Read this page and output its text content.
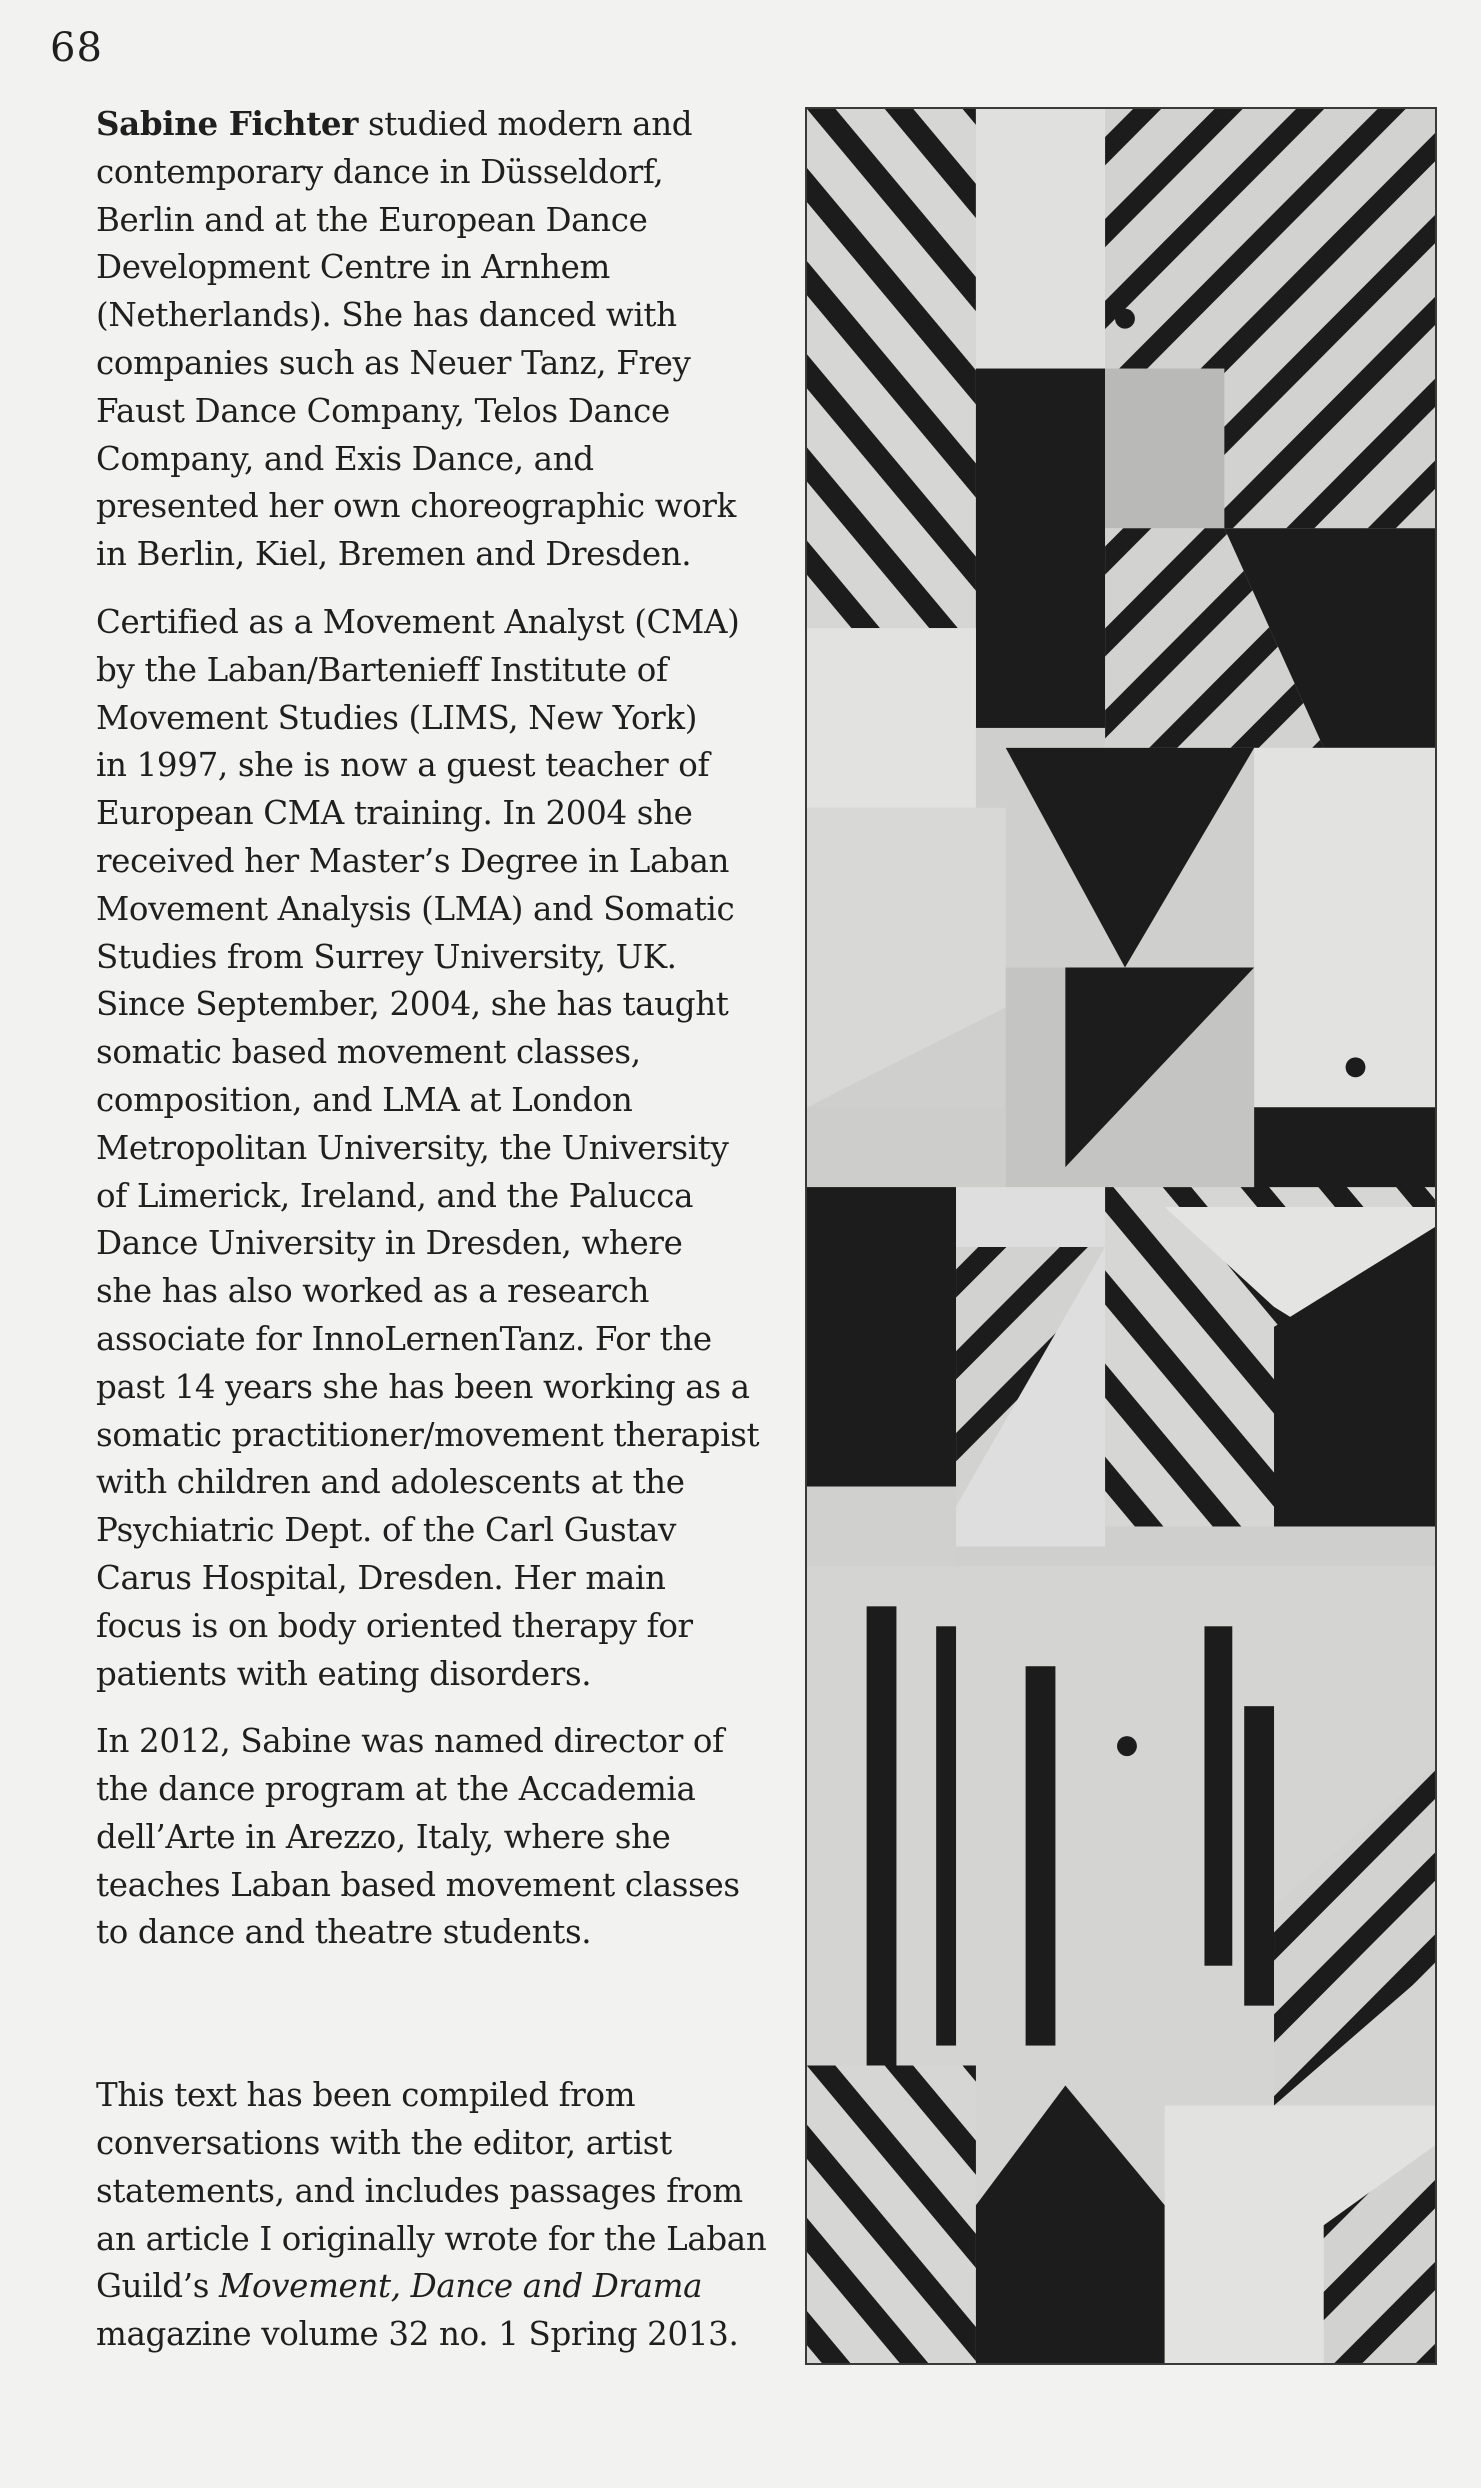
68
Sabine Fichter studied modern and
contemporary dance in Düsseldorf,
Berlin and at the European Dance
Development Centre in Arnhem
(Netherlands). She has danced with
companies such as Neuer Tanz, Frey
Faust Dance Company, Telos Dance
Company, and Exis Dance, and
presented her own choreographic work
in Berlin, Kiel, Bremen and Dresden.
Certified as a Movement Analyst (CMA)
by the Laban/Bartenieff Institute of
Movement Studies (LIMS, New York)
in 1997, she is now a guest teacher of
European CMA training. In 2004 she
received her Master’s Degree in Laban
Movement Analysis (LMA) and Somatic
Studies from Surrey University, UK.
Since September, 2004, she has taught
somatic based movement classes,
composition, and LMA at London
Metropolitan University, the University
of Limerick, Ireland, and the Palucca
Dance University in Dresden, where
she has also worked as a research
associate for InnoLernenTanz. For the
past 14 years she has been working as a
somatic practitioner/movement therapist
with children and adolescents at the
Psychiatric Dept. of the Carl Gustav
Carus Hospital, Dresden. Her main
focus is on body oriented therapy for
patients with eating disorders.
In 2012, Sabine was named director of
the dance program at the Accademia
dell’Arte in Arezzo, Italy, where she
teaches Laban based movement classes
to dance and theatre students.
This text has been compiled from
conversations with the editor, artist
statements, and includes passages from
an article I originally wrote for the Laban
Guild’s Movement, Dance and Drama
magazine volume 32 no. 1 Spring 2013.
